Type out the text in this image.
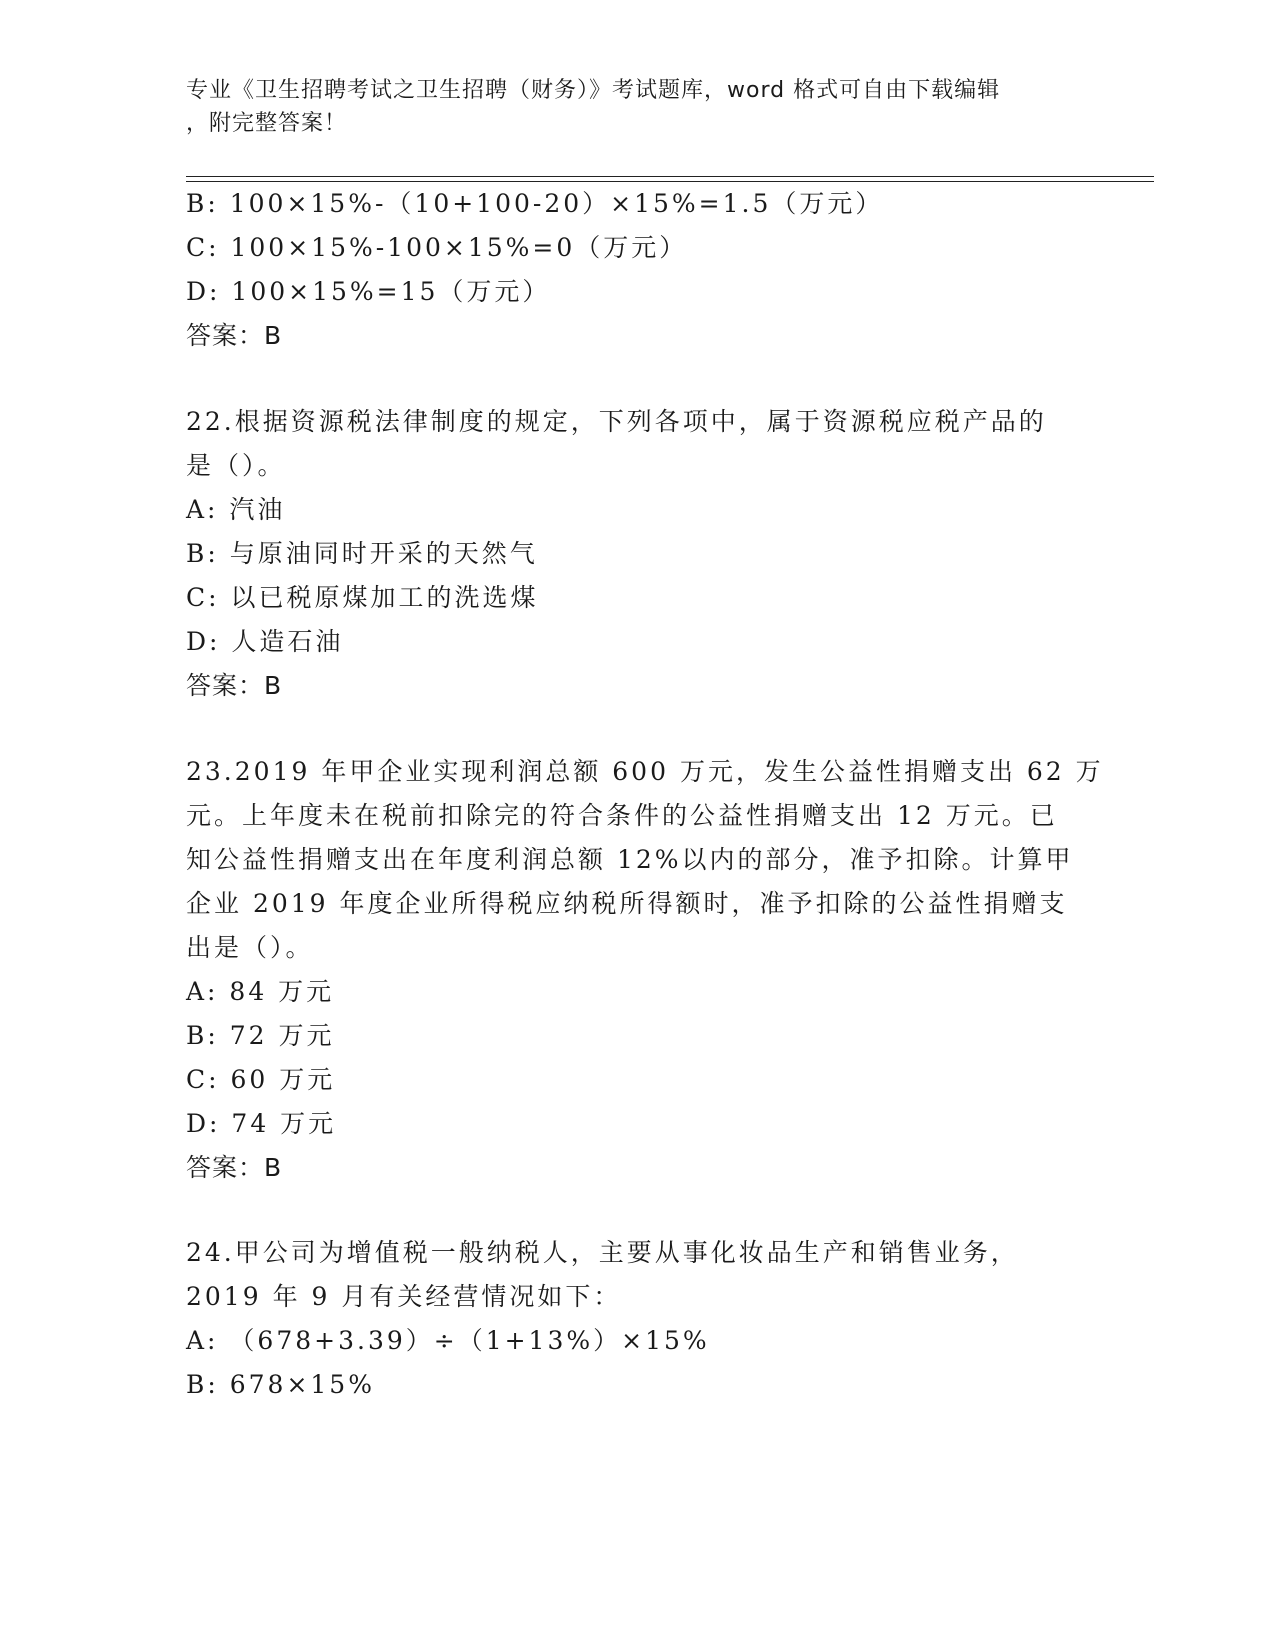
专业《卫生招聘考试之卫生招聘（财务）》考试题库，word 格式可自由下载编辑
，附完整答案！
B: 100×15%-（10+100-20）×15%=1.5（万元）
C: 100×15%-100×15%=0（万元）
D: 100×15%=15（万元）
答案：B
22.根据资源税法律制度的规定，下列各项中，属于资源税应税产品的
是（）。
A: 汽油
B: 与原油同时开采的天然气
C: 以已税原煤加工的洗选煤
D: 人造石油
答案：B
23.2019 年甲企业实现利润总额 600 万元，发生公益性捐赠支出 62 万
元。上年度未在税前扣除完的符合条件的公益性捐赠支出 12 万元。已
知公益性捐赠支出在年度利润总额 12%以内的部分，准予扣除。计算甲
企业 2019 年度企业所得税应纳税所得额时，准予扣除的公益性捐赠支
出是（）。
A: 84 万元
B: 72 万元
C: 60 万元
D: 74 万元
答案：B
24.甲公司为增值税一般纳税人，主要从事化妆品生产和销售业务，
2019 年 9 月有关经营情况如下：
A: （678+3.39）÷（1+13%）×15%
B: 678×15%
